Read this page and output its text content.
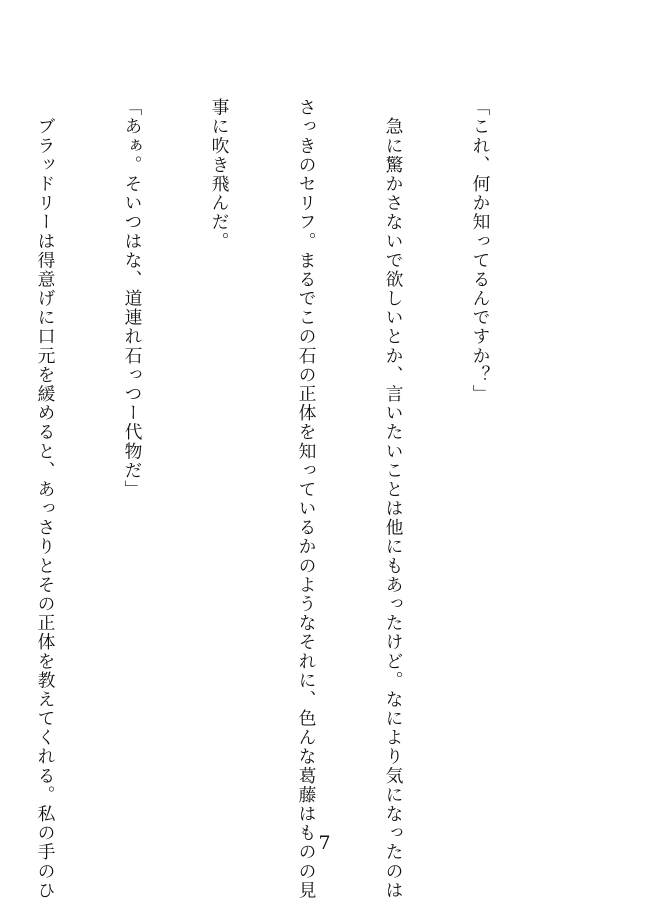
「これ、何か知ってるんですか？」

　急に驚かさないで欲しいとか、言いたいことは他にもあったけど。なにより気になったのは

さっきのセリフ。まるでこの石の正体を知っているかのようなそれに、色んな葛藤はものの見

事に吹き飛んだ。

「あぁ。そいつはな、道連れ石っつー代物だ」

　ブラッドリーは得意げに口元を緩めると、あっさりとその正体を教えてくれる。私の手のひ

	7
